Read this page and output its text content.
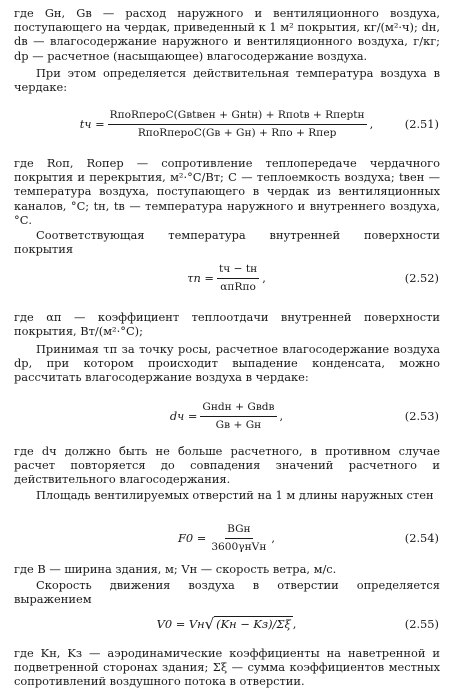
где Gн, Gв — расход наружного и вентиляционного воздуха, поступающего на чердак, приведенный к 1 м² покрытия, кг/(м²·ч); dн, dв — влагосодержание наружного и вентиляционного воздуха, г/кг; dр — расчетное (насыщающее) влагосодержание воздуха.

При этом определяется действительная температура воздуха в чердаке:

tч = $\frac{\text{RпоRпероC(Gвtвен + Gнtн) + Rпоtв + Rперtн}}{\text{RпоRпероC(Gв + Gн) + Rпо + Rпер}}$ ,	(2.51)

где Rоп, Rопер — сопротивление теплопередаче чердачного покрытия и перекрытия, м²·°С/Вт; С — теплоемкость воздуха; tвен — температура воздуха, поступающего в чердак из вентиляционных каналов, °С; tн, tв — температура наружного и внутреннего воздуха, °С.

Соответствующая температура внутренней поверхности покрытия

$\tau п = \frac{tч - tн}{\text{αпRпо}}$ ,	(2.52)

где αп — коэффициент теплоотдачи внутренней поверхности покрытия, Вт/(м²·°С);

Принимая τп за точку росы, расчетное влагосодержание воздуха dр, при котором происходит выпадение конденсата, можно рассчитать влагосодержание воздуха в чердаке:

dч = $\frac{\text{Gнdн + Gвdв}}{Gв + Gн}$ ,	(2.53)

где dч должно быть не больше расчетного, в противном случае расчет повторяется до совпадения значений расчетного и действительного влагосодержания.

Площадь вентилируемых отверстий на 1 м длины наружных стен

$F0 = \frac{\text{BGн}}{\text{3600γнVн}}$ ,	(2.54)

где B — ширина здания, м; Vн — скорость ветра, м/с.

Скорость движения воздуха в отверстии определяется выражением

V0 = Vн √ (Kн − Kз)/Σξ ,	(2.55)

где Kн, Kз — аэродинамические коэффициенты на наветренной и подветренной сторонах здания; Σξ — сумма коэффициентов местных сопротивлений воздушного потока в отверстии.
